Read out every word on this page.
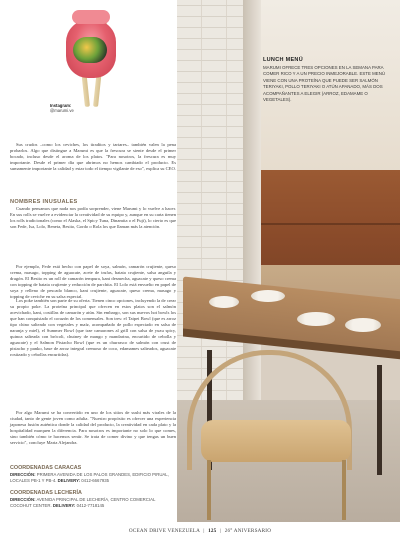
LUNCH MENÚ
MARUMI OFRECE TRES OPCIONES EN LA SEMANA PARA COMER RICO Y A UN PRECIO INMEJORABLE. ESTE MENÚ VIENE CON UNA PROTEÍNA QUE PUEDE SER SALMÓN TERIYAKI, POLLO TERIYAKI O ATÚN APANADO, MÁS DOS ACOMPAÑANTES A ELEGIR (ARROZ, EDAMAME O VEGETALES).
Instagram:
@marumi.ve

Sus crudos –como los ceviches, los tiraditos y tartares– también valen la pena probarlos. Algo que distingue a Marumi es que la frescura se siente desde el primer bocado, incluso desde el aroma de los platos. "Para nosotros, la frescura es muy importante. Desde el primer día que abrimos no hemos cambiado el producto. Es sumamente importante la calidad y estar todo el tiempo vigilante de eso", explica su CEO.

NOMBRES INUSUALES

Cuando pensamos que nada nos podía sorprender, viene Marumi y lo vuelve a hacer. En sus rolls se vuelve a evidenciar la creatividad de su equipo y, aunque en su carta tienen los rolls tradicionales (como el Alaska, el Spicy Tuna, Dinamita o el Fuji), lo cierto es que son Fede, Isa, Lolo, Beneta, Besito, Gordo o Rola los que llaman más la atención.

Por ejemplo, Fede está hecho con papel de soya, salmón, camarón crujiente, queso crema, masago, topping de aguacate, acete de trufas, batata crujiente, salsa anguila y dragón. El Besito es un roll de camarón tempura, kani desmecha, aguacate y queso crema con topping de batata crujiente y reducción de parchita. El Lolo está envuelto en papel de soya y relleno de pescado blanco, kani crujiente, aguacate, queso crema, masago y topping de ceviche en su salsa especial.

Los poke también son parte de su oferta. Tienen cinco opciones, incluyendo la de crear su propio poke. La proteína principal que ofrecen en estos platos son el salmón acevichado, kani, costillas de camarón y atún. Sin embargo, son sus nuevos hot bowls los que han conquistado el corazón de los comensales. Son tres: el Taipei Bowl (que es arroz tipo chino salteado con vegetales y maíz, acompañado de pollo especiado en salsa de naranja y miel), el Summer Bowl (que trae camarones al grill con salsa de yuzu spicy, quinoa salteada con brócoli, chutney de mango y mandarina, encurtido de cebolla y aguacate) y el Salmon Pistacho Bowl (que es un churrasco de salmón con crust de pistacho y panko, base de arroz integral cremoso de coco, edamames salteados, aguacate rostizado y cebollas encurtidas).

Por algo Marumi se ha convertido en uno de los sitios de sushi más virales de la ciudad, tanto de gente joven como adulta. "Nuestro propósito es ofrecer una experiencia japonesa fusión auténtica donde la calidad del producto, la creatividad en cada plato y la hospitalidad marquen la diferencia. Para nosotros es importante no solo lo que comes, sino también cómo te hacemos sentir. Se trata de comer divino y que tengas un buen servicio", concluye Maria Alejandra.

COORDENADAS CARACAS
DIRECCIÓN: PRIMERA AVENIDA DE LOS PALOS GRANDES, EDIFICIO PIRUAL, LOCALES PB-1 Y PB-4. DELIVERY: 0412-6667935
COORDENADAS LECHERÍA
DIRECCIÓN: AVENIDA PRINCIPAL DE LECHERÍA, CENTRO COMERCIAL COCOHUT CENTER. DELIVERY: 0412-7718145
OCEAN DRIVE VENEZUELA | 125 | 26° ANIVERSARIO
